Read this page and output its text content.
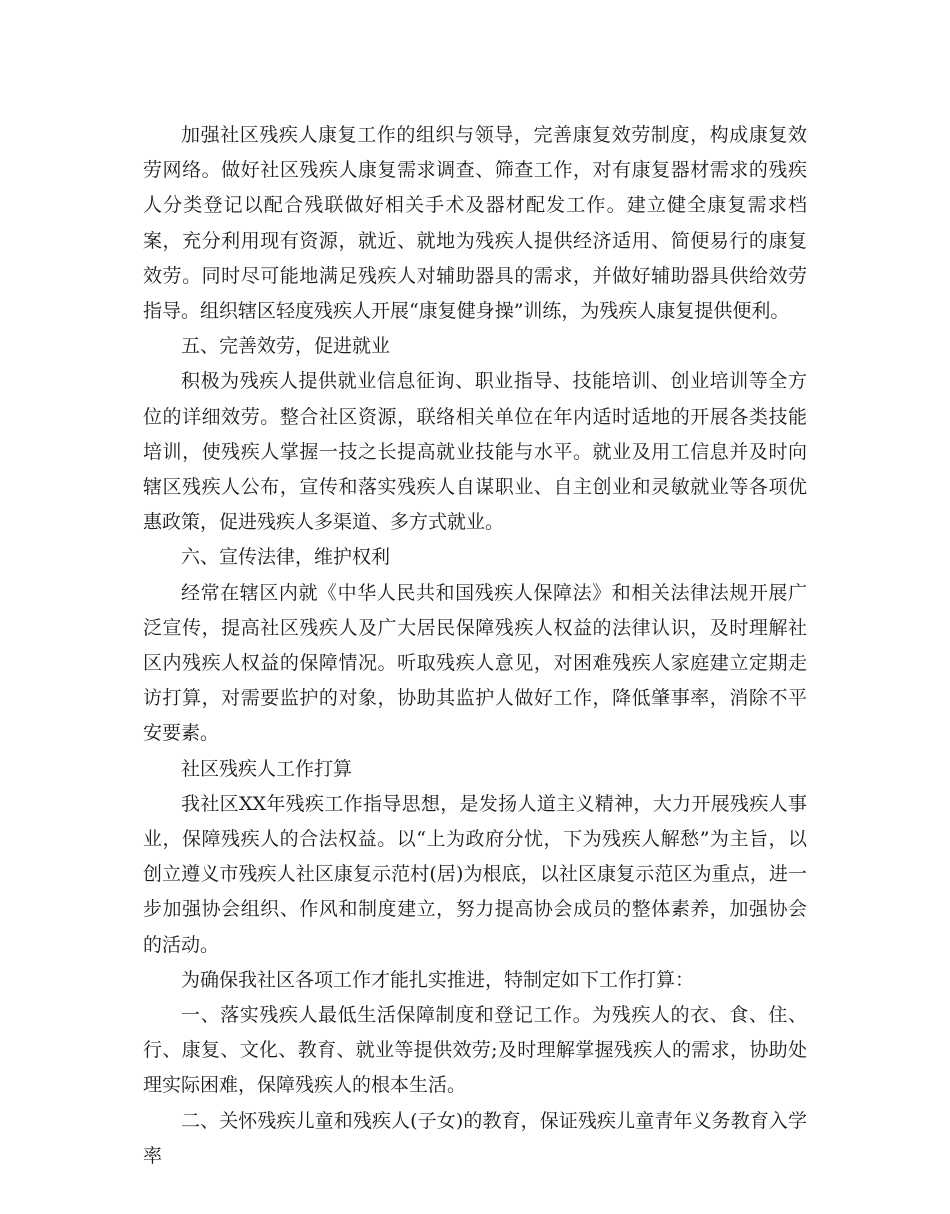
加强社区残疾人康复工作的组织与领导，完善康复效劳制度，构成康复效劳网络。做好社区残疾人康复需求调查、筛查工作，对有康复器材需求的残疾人分类登记以配合残联做好相关手术及器材配发工作。建立健全康复需求档案，充分利用现有资源，就近、就地为残疾人提供经济适用、简便易行的康复效劳。同时尽可能地满足残疾人对辅助器具的需求，并做好辅助器具供给效劳指导。组织辖区轻度残疾人开展“康复健身操”训练，为残疾人康复提供便利。

五、完善效劳，促进就业

积极为残疾人提供就业信息征询、职业指导、技能培训、创业培训等全方位的详细效劳。整合社区资源，联络相关单位在年内适时适地的开展各类技能培训，使残疾人掌握一技之长提高就业技能与水平。就业及用工信息并及时向辖区残疾人公布，宣传和落实残疾人自谋职业、自主创业和灵敏就业等各项优惠政策，促进残疾人多渠道、多方式就业。

六、宣传法律，维护权利

经常在辖区内就《中华人民共和国残疾人保障法》和相关法律法规开展广泛宣传，提高社区残疾人及广大居民保障残疾人权益的法律认识，及时理解社区内残疾人权益的保障情况。听取残疾人意见，对困难残疾人家庭建立定期走访打算，对需要监护的对象，协助其监护人做好工作，降低肇事率，消除不平安要素。

社区残疾人工作打算

我社区XX年残疾工作指导思想，是发扬人道主义精神，大力开展残疾人事业，保障残疾人的合法权益。以“上为政府分忧，下为残疾人解愁”为主旨，以创立遵义市残疾人社区康复示范村(居)为根底，以社区康复示范区为重点，进一步加强协会组织、作风和制度建立，努力提高协会成员的整体素养，加强协会的活动。

为确保我社区各项工作才能扎实推进，特制定如下工作打算：

一、落实残疾人最低生活保障制度和登记工作。为残疾人的衣、食、住、行、康复、文化、教育、就业等提供效劳;及时理解掌握残疾人的需求，协助处理实际困难，保障残疾人的根本生活。

二、关怀残疾儿童和残疾人(子女)的教育，保证残疾儿童青年义务教育入学率
